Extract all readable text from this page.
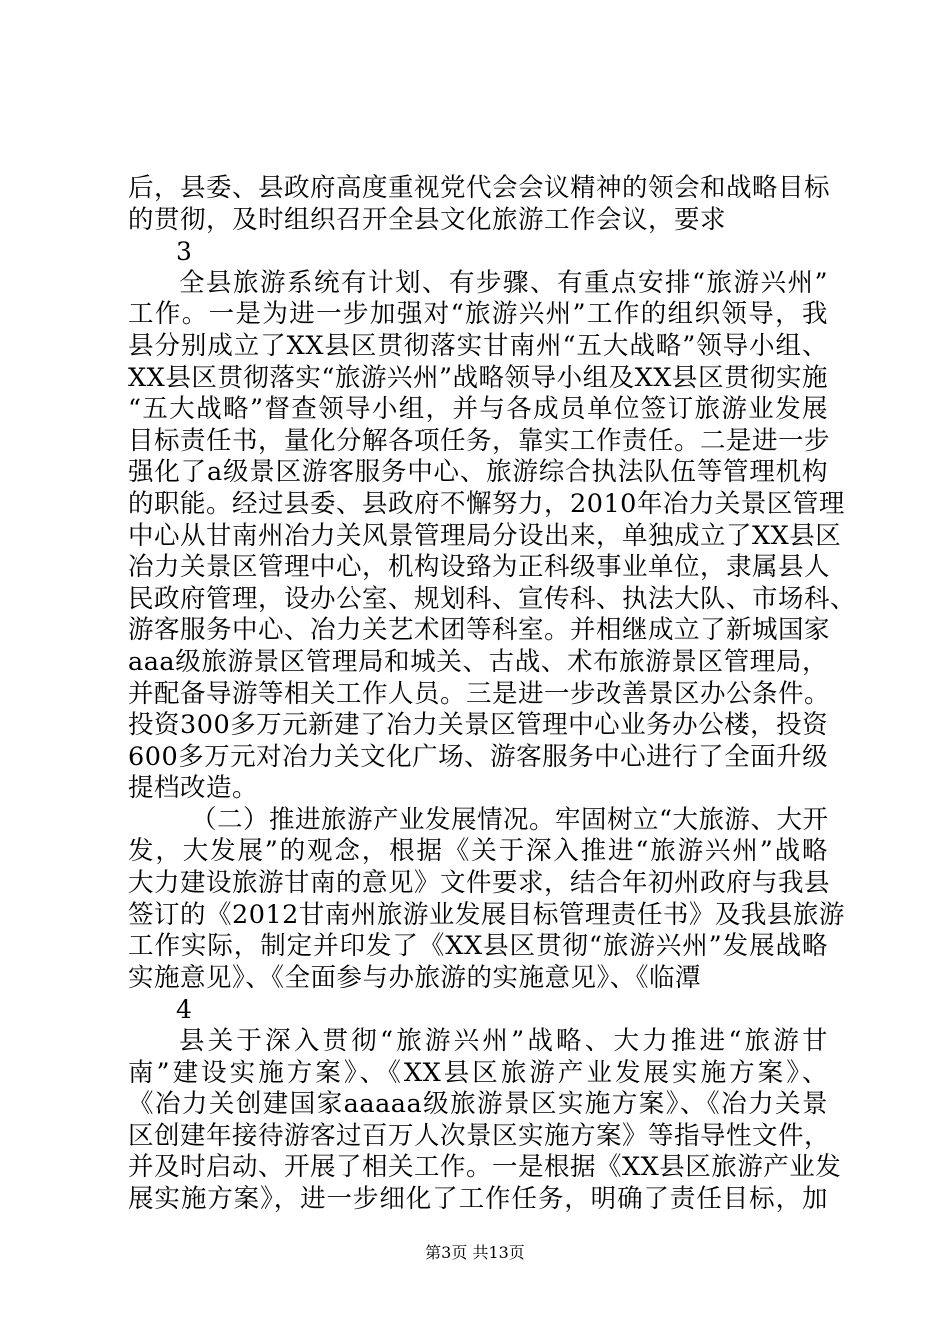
后，县委、县政府高度重视党代会会议精神的领会和战略目标
的贯彻，及时组织召开全县文化旅游工作会议，要求
3
全县旅游系统有计划、有步骤、有重点安排“旅游兴州”
工作。一是为进一步加强对“旅游兴州”工作的组织领导，我
县分别成立了XX县区贯彻落实甘南州“五大战略”领导小组、
XX县区贯彻落实“旅游兴州”战略领导小组及XX县区贯彻实施
“五大战略”督查领导小组，并与各成员单位签订旅游业发展
目标责任书，量化分解各项任务，靠实工作责任。二是进一步
强化了a级景区游客服务中心、旅游综合执法队伍等管理机构
的职能。经过县委、县政府不懈努力，2010年冶力关景区管理
中心从甘南州冶力关风景管理局分设出来，单独成立了XX县区
冶力关景区管理中心，机构设臵为正科级事业单位，隶属县人
民政府管理，设办公室、规划科、宣传科、执法大队、市场科、
游客服务中心、冶力关艺术团等科室。并相继成立了新城国家
aaa级旅游景区管理局和城关、古战、术布旅游景区管理局，
并配备导游等相关工作人员。三是进一步改善景区办公条件。
投资300多万元新建了冶力关景区管理中心业务办公楼，投资
600多万元对冶力关文化广场、游客服务中心进行了全面升级
提档改造。
（二）推进旅游产业发展情况。牢固树立“大旅游、大开
发，大发展”的观念，根据《关于深入推进“旅游兴州”战略
大力建设旅游甘南的意见》文件要求，结合年初州政府与我县
签订的《2012甘南州旅游业发展目标管理责任书》及我县旅游
工作实际，制定并印发了《XX县区贯彻“旅游兴州”发展战略
实施意见》、《全面参与办旅游的实施意见》、《临潭
4
县关于深入贯彻“旅游兴州”战略、大力推进“旅游甘
南”建设实施方案》、《XX县区旅游产业发展实施方案》、
《冶力关创建国家aaaaa级旅游景区实施方案》、《冶力关景
区创建年接待游客过百万人次景区实施方案》等指导性文件，
并及时启动、开展了相关工作。一是根据《XX县区旅游产业发
展实施方案》，进一步细化了工作任务，明确了责任目标，加
第3页 共13页
